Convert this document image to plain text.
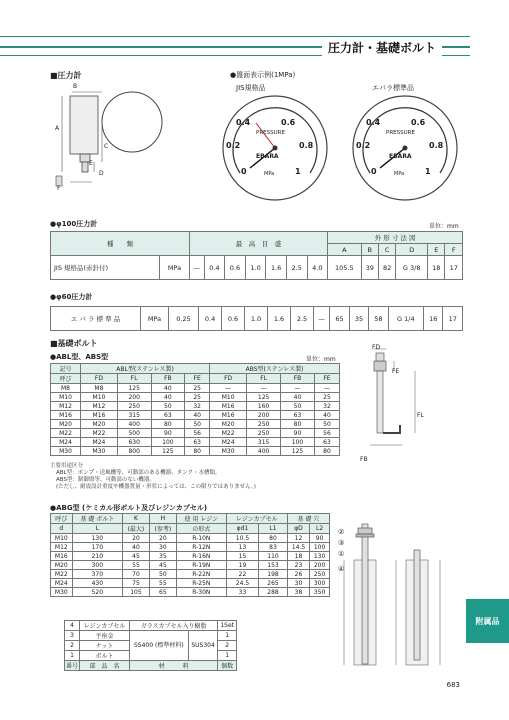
圧力計・基礎ボルト
■圧力計	●盤面表示例(1MPa)
JIS規格品	エバラ標準品
B
A
C
D
E
F
0
0.2
0.4	0.6
0.8
1
PRESSURE
EBARA
MPa	0
0.2
0.4	0.6
0.8
1
PRESSURE
EBARA
MPa
●φ100圧力計	単位：mm
種　　類		最　高　目　盛							外 形 寸 法 図					
									A	B	C	D	E	F
JIS 規格品(赤針付)	MPa	—	0.4	0.6	1.0	1.6	2.5	4.0	105.5	39	82	G 3/8	18	17
●φ60圧力計
エ バ ラ 標 準 品	MPa	0.25	0.4	0.6	1.0	1.6	2.5	—	65	35	58	G 1/4	16	17
■基礎ボルト
●ABL型、ABS型	単位：mm
記号	ABL型(ステンレス製)				ABS型(ステンレス製)			
呼び	FD	FL	FB	FE	FD	FL	FB	FE
M8	M8	125	40	25	—	—	—	—
M10	M10	200	40	25	M10	125	40	25
M12	M12	250	50	32	M16	160	50	32
M16	M16	315	63	40	M16	200	63	40
M20	M20	400	80	50	M20	250	80	50
M22	M22	500	90	56	M22	250	90	56
M24	M24	630	100	63	M24	315	100	63
M30	M30	800	125	80	M30	400	125	80
主要用途区分
ABL型：ポンプ・送風機等、可動部のある機器、タンク・水槽類。
ABS型：制御盤等、可動部のない機器。
(ただし、耐震設計重度や機器質量・形状によっては、この限りではありません。)
FD
FE
FL
FB
●ABG型 (ケミカル形ボルト及びレジンカプセル)
呼び	基 礎 ボルト	K	H	使 用 レジン	レジンカプセル		基 礎 穴	
d	L	(最大)	(参考)	の形式	φd1	L1	φD	L2
M10	130	20	20	R-10N	10.5	80	12	90
M12	170	40	30	R-12N	13	83	14.5	100
M16	210	45	35	R-16N	15	110	18	130
M20	300	55	45	R-19N	19	153	23	200
M22	370	70	50	R-22N	22	198	26	250
M24	430	75	55	R-25N	24.5	265	30	300
M30	520	105	65	R-30N	33	288	38	350
4	レジンカプセル	ガラスカプセル入り樹脂		1Set
3	平座金	SS400 (標準材料)	SUS304	1
2	ナット			2
1	ボルト			1
番号	部　品　名	材　　　料		個数
②
③
①
④
附属品
683
